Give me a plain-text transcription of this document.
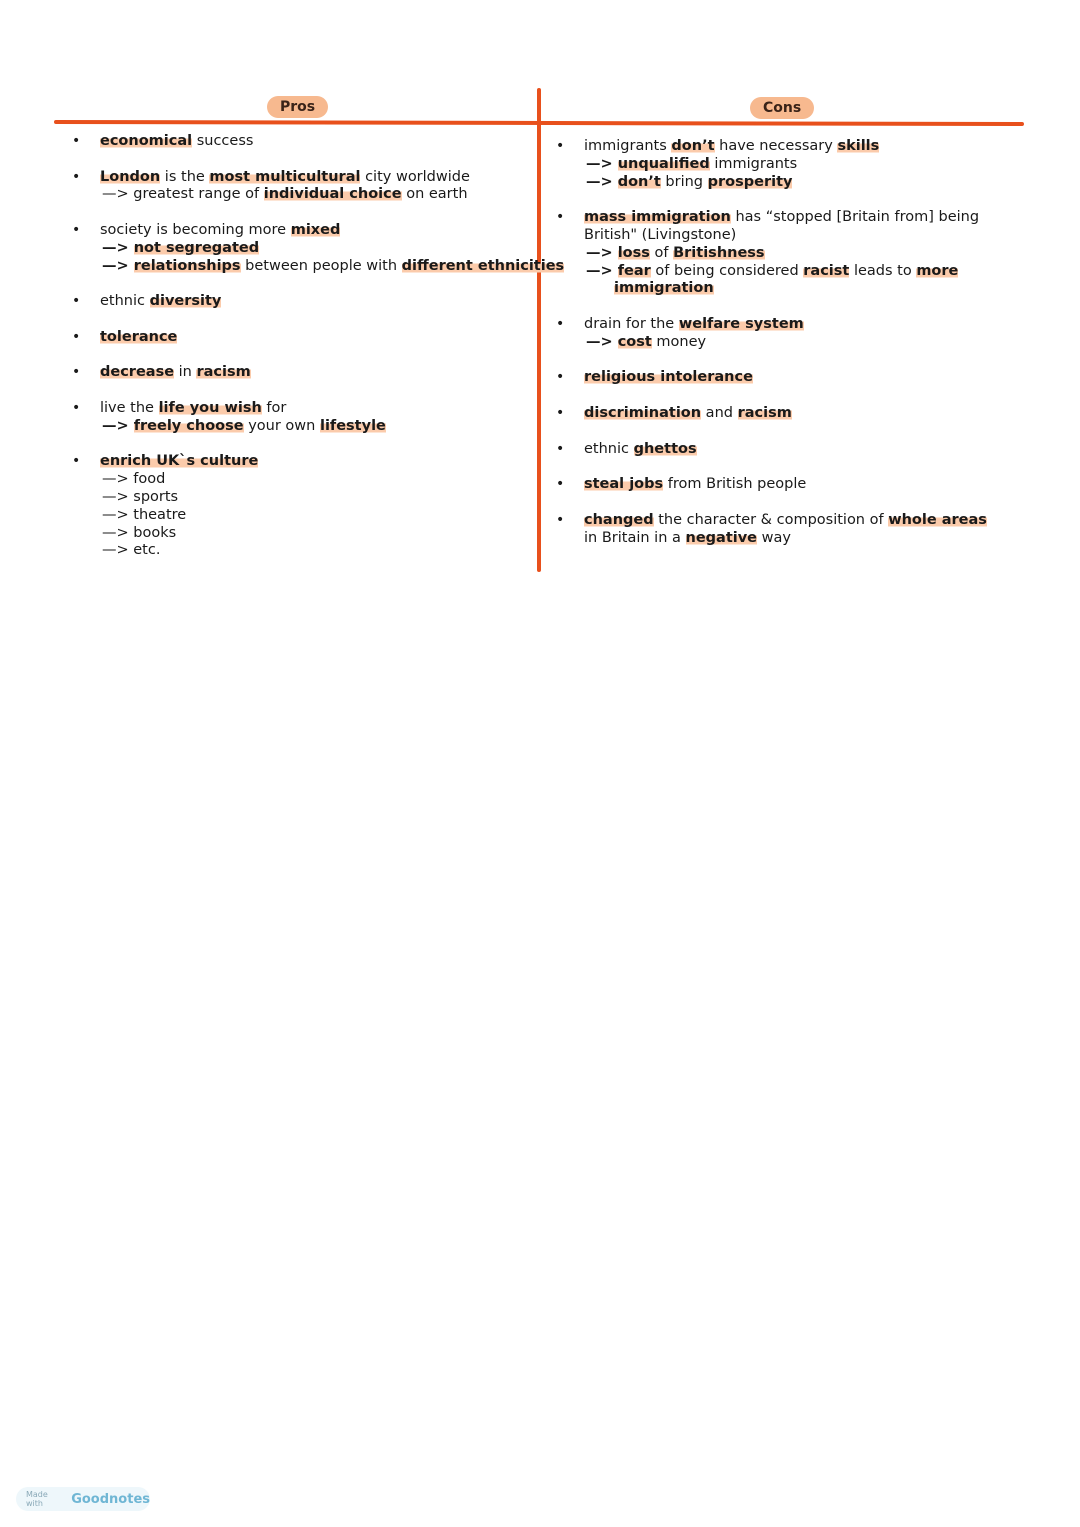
Pros	Cons
• economical success
• London is the most multicultural city worldwide
—> greatest range of individual choice on earth
• society is becoming more mixed
—> not segregated
—> relationships between people with different ethnicities
• ethnic diversity
• tolerance
• decrease in racism
• live the life you wish for
—> freely choose your own lifestyle
• enrich UK`s culture
—> food
—> sports
—> theatre
—> books
—> etc.
• immigrants don’t have necessary skills
—> unqualified immigrants
—> don’t bring prosperity
• mass immigration has “stopped [Britain from] being British" (Livingstone)
—> loss of Britishness
—> fear of being considered racist leads to more
immigration
• drain for the welfare system
—> cost money
• religious intolerance
• discrimination and racism
• ethnic ghettos
• steal jobs from British people
• changed the character & composition of whole areas in Britain in a negative way
Made with	Goodnotes
